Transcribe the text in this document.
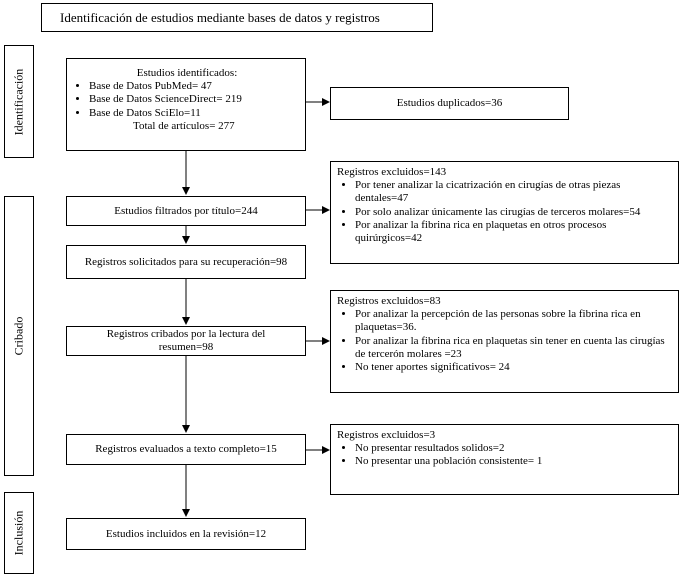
Identificación de estudios mediante bases de datos y registros
Identificación
Cribado
Inclusión
Estudios identificados:
• Base de Datos PubMed= 47
• Base de Datos ScienceDirect= 219
• Base de Datos SciElo=11
Total de artículos= 277
Estudios duplicados=36
Estudios filtrados por título=244
Registros excluidos=143
• Por tener analizar la cicatrización en cirugías de otras piezas dentales=47
• Por solo analizar únicamente las cirugías de terceros molares=54
• Por analizar la fibrina rica en plaquetas en otros procesos quirúrgicos=42
Registros solicitados para su recuperación=98
Registros cribados por la lectura del resumen=98
Registros excluidos=83
• Por analizar la percepción de las personas sobre la fibrina rica en plaquetas=36.
• Por analizar la fibrina rica en plaquetas sin tener en cuenta las cirugías de tercerón molares =23
• No tener aportes significativos= 24
Registros evaluados a texto completo=15
Registros excluidos=3
• No presentar resultados solidos=2
• No presentar una población consistente= 1
Estudios incluidos en la revisión=12
